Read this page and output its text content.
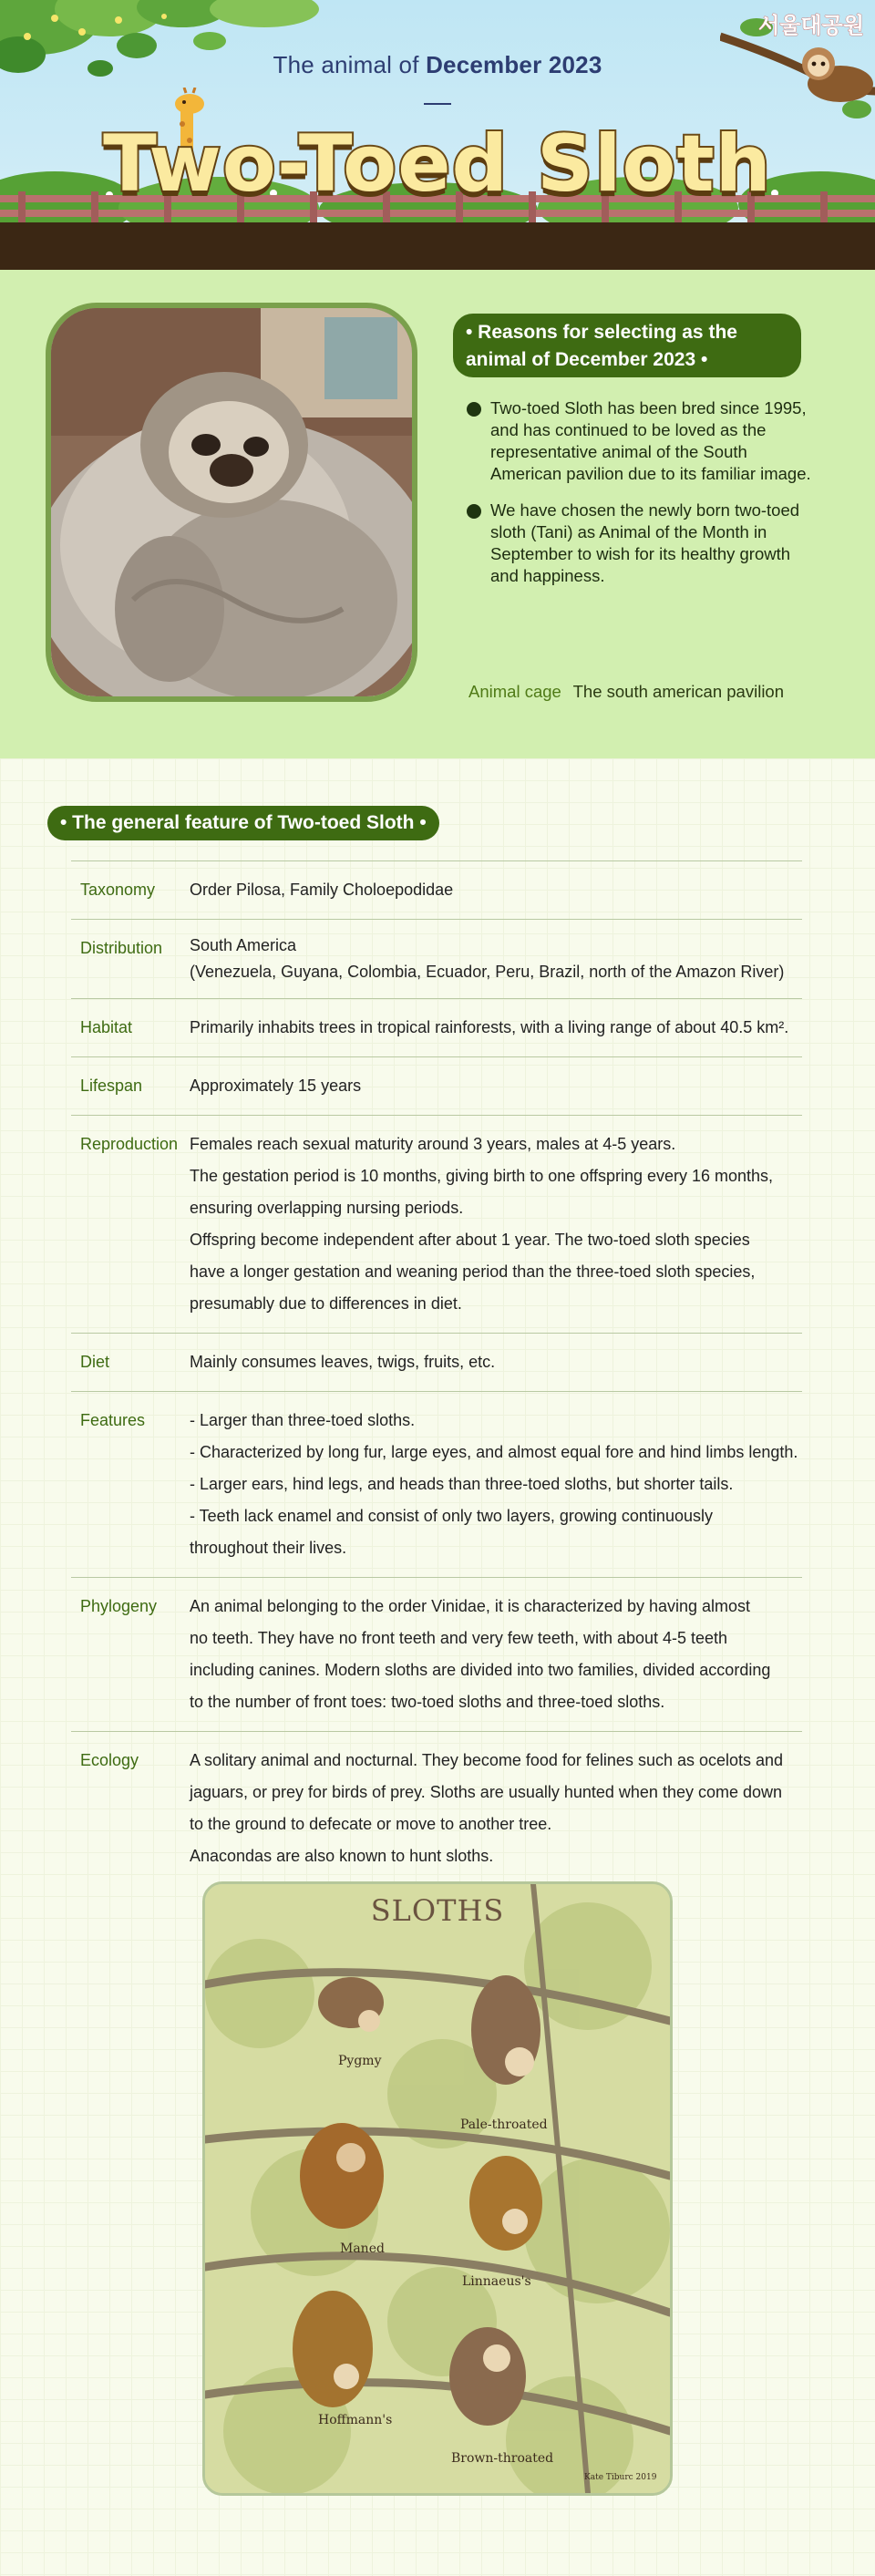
서울대공원
The animal of December 2023
Two-Toed Sloth
• Reasons for selecting as the animal of December 2023 •
Two-toed Sloth has been bred since 1995, and has continued to be loved as the representative animal of the South American pavilion due to its familiar image.
We have chosen the newly born two-toed sloth (Tani) as Animal of the Month in September to wish for its healthy growth and happiness.
Animal cage The south american pavilion
• The general feature of Two-toed Sloth •
Taxonomy	Order Pilosa, Family Choloepodidae
Distribution	South America
(Venezuela, Guyana, Colombia, Ecuador, Peru, Brazil, north of the Amazon River)
Habitat	Primarily inhabits trees in tropical rainforests, with a living range of about 40.5 km².
Lifespan	Approximately 15 years
Reproduction Females reach sexual maturity around 3 years, males at 4-5 years.
The gestation period is 10 months, giving birth to one offspring every 16 months,
ensuring overlapping nursing periods.
Offspring become independent after about 1 year. The two-toed sloth species
have a longer gestation and weaning period than the three-toed sloth species,
presumably due to differences in diet.
Diet	Mainly consumes leaves, twigs, fruits, etc.
Features	- Larger than three-toed sloths.
- Characterized by long fur, large eyes, and almost equal fore and hind limbs length.
- Larger ears, hind legs, and heads than three-toed sloths, but shorter tails.
- Teeth lack enamel and consist of only two layers, growing continuously
throughout their lives.
Phylogeny	An animal belonging to the order Vinidae, it is characterized by having almost
no teeth. They have no front teeth and very few teeth, with about 4-5 teeth
including canines. Modern sloths are divided into two families, divided according
to the number of front toes: two-toed sloths and three-toed sloths.
Ecology	A solitary animal and nocturnal. They become food for felines such as ocelots and
jaguars, or prey for birds of prey. Sloths are usually hunted when they come down
to the ground to defecate or move to another tree.
Anacondas are also known to hunt sloths.
SLOTHS
Pygmy
Pale-throated
Maned
Linnaeus's
Hoffmann's
Brown-throated
Kate Tiburc 2019
